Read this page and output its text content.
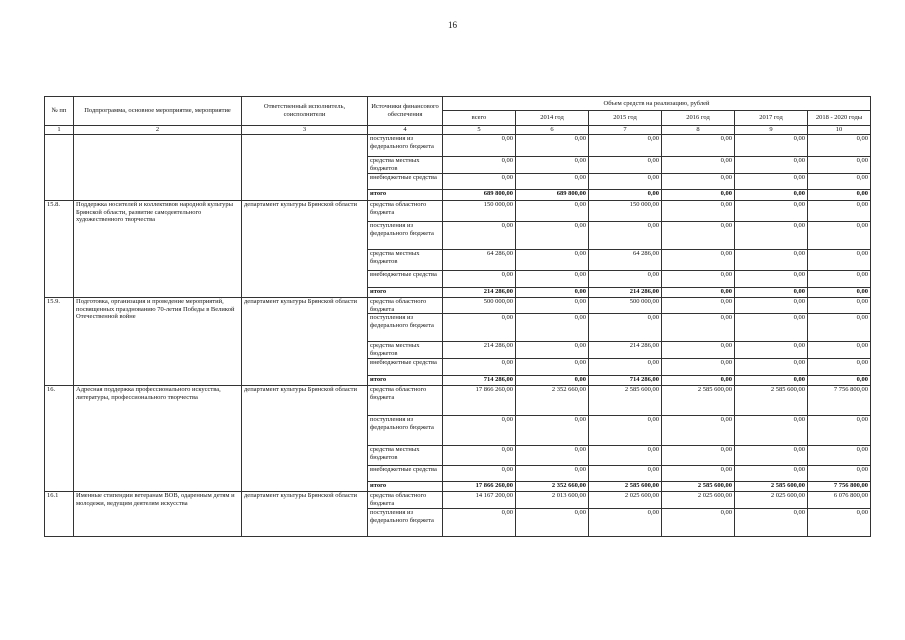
16
№ пп	Подпрограмма, основное мероприятие, мероприятие	Ответственный исполнитель, соисполнители	Источники финансового обеспечения	Объем средств на реализацию, рублей					
				всего	2014 год	2015 год	2016 год	2017 год	2018 - 2020 годы
1	2	3	4	5	6	7	8	9	10
			поступления из федерального бюджета	0,00	0,00	0,00	0,00	0,00	0,00
			средства местных бюджетов	0,00	0,00	0,00	0,00	0,00	0,00
			внебюджетные средства	0,00	0,00	0,00	0,00	0,00	0,00
			итого	689 800,00	689 800,00	0,00	0,00	0,00	0,00
15.8.	Поддержка носителей и коллективов народной культуры Брянской области, развитие самодеятельного художественного творчества	департамент культуры Брянской области	средства областного бюджета	150 000,00	0,00	150 000,00	0,00	0,00	0,00
			поступления из федерального бюджета	0,00	0,00	0,00	0,00	0,00	0,00
			средства местных бюджетов	64 286,00	0,00	64 286,00	0,00	0,00	0,00
			внебюджетные средства	0,00	0,00	0,00	0,00	0,00	0,00
			итого	214 286,00	0,00	214 286,00	0,00	0,00	0,00
15.9.	Подготовка, организация и проведение мероприятий, посвященных празднованию 70-летия Победы в Великой Отечественной войне	департамент культуры Брянской области	средства областного бюджета	500 000,00	0,00	500 000,00	0,00	0,00	0,00
			поступления из федерального бюджета	0,00	0,00	0,00	0,00	0,00	0,00
			средства местных бюджетов	214 286,00	0,00	214 286,00	0,00	0,00	0,00
			внебюджетные средства	0,00	0,00	0,00	0,00	0,00	0,00
			итого	714 286,00	0,00	714 286,00	0,00	0,00	0,00
16.	Адресная поддержка профессионального искусства, литературы, профессионального творчества	департамент культуры Брянской области	средства областного бюджета	17 866 260,00	2 352 660,00	2 585 600,00	2 585 600,00	2 585 600,00	7 756 800,00
			поступления из федерального бюджета	0,00	0,00	0,00	0,00	0,00	0,00
			средства местных бюджетов	0,00	0,00	0,00	0,00	0,00	0,00
			внебюджетные средства	0,00	0,00	0,00	0,00	0,00	0,00
			итого	17 866 260,00	2 352 660,00	2 585 600,00	2 585 600,00	2 585 600,00	7 756 800,00
16.1	Именные стипендии ветеранам ВОВ, одаренным детям и молодежи, ведущим деятелям искусства	департамент культуры Брянской области	средства областного бюджета	14 167 200,00	2 013 600,00	2 025 600,00	2 025 600,00	2 025 600,00	6 076 800,00
			поступления из федерального бюджета	0,00	0,00	0,00	0,00	0,00	0,00
